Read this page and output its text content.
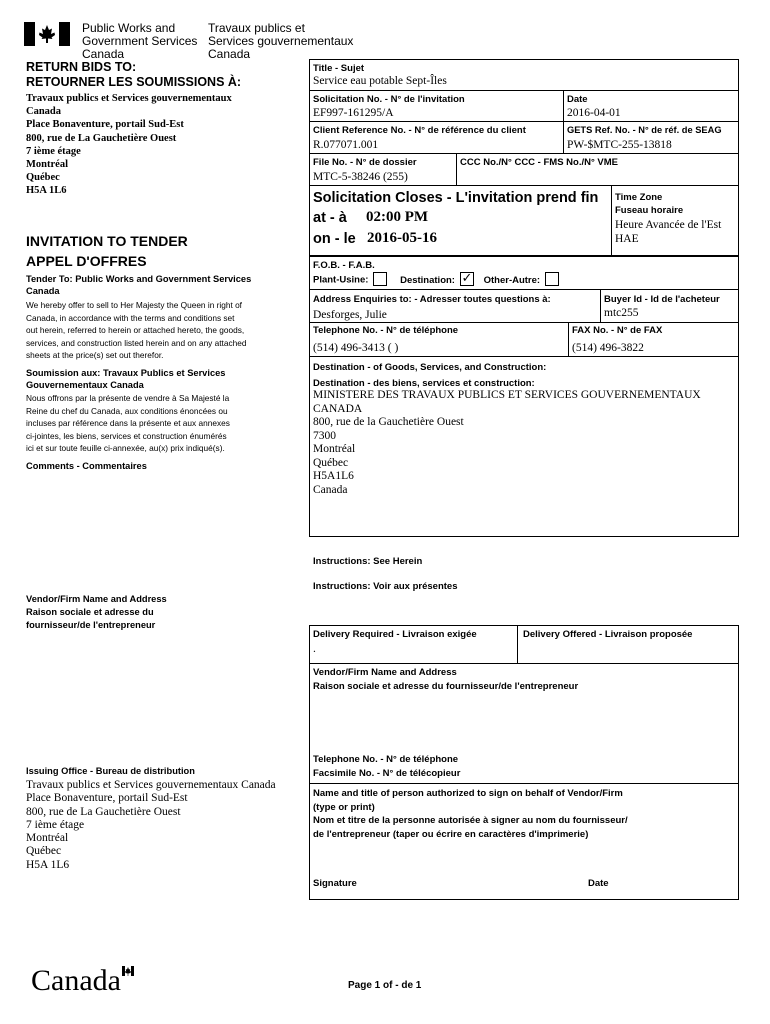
Public Works and
Government Services
Canada
Travaux publics et
Services gouvernementaux
Canada
RETURN BIDS TO:
RETOURNER LES SOUMISSIONS À:
Travaux publics et Services gouvernementaux
Canada
Place Bonaventure, portail Sud-Est
800, rue de La Gauchetière Ouest
7 ième étage
Montréal
Québec
H5A 1L6
INVITATION TO TENDER
APPEL D'OFFRES
Tender To: Public Works and Government Services
Canada
We hereby offer to sell to Her Majesty the Queen in right of
Canada, in accordance with the terms and conditions set
out herein, referred to herein or attached hereto, the goods,
services, and construction listed herein and on any attached
sheets at the price(s) set out therefor.
Soumission aux: Travaux Publics et Services
Gouvernementaux Canada
Nous offrons par la présente de vendre à Sa Majesté la
Reine du chef du Canada, aux conditions énoncées ou
incluses par référence dans la présente et aux annexes
ci-jointes, les biens, services et construction énumérés
ici et sur toute feuille ci-annexée, au(x) prix indiqué(s).
Comments - Commentaires
Vendor/Firm Name and Address
Raison sociale et adresse du
fournisseur/de l'entrepreneur
Issuing Office - Bureau de distribution
Travaux publics et Services gouvernementaux Canada
Place Bonaventure, portail Sud-Est
800, rue de La Gauchetière Ouest
7 ième étage
Montréal
Québec
H5A 1L6
Title - Sujet
Service eau potable Sept-Îles
Solicitation No. - N° de l'invitation
EF997-161295/A
Date
2016-04-01
Client Reference No. - N° de référence du client
R.077071.001
GETS Ref. No. - N° de réf. de SEAG
PW-$MTC-255-13818
File No. - N° de dossier
MTC-5-38246 (255)
CCC No./N° CCC - FMS No./N° VME
Solicitation Closes - L'invitation prend fin
at - à 02:00 PM
on - le 2016-05-16
Time Zone
Fuseau horaire
Heure Avancée de l'Est
HAE
F.O.B. - F.A.B.
Plant-Usine:	Destination: ✓ Other-Autre:
Address Enquiries to: - Adresser toutes questions à:
Desforges, Julie
Buyer Id - Id de l'acheteur
mtc255
Telephone No. - N° de téléphone
(514) 496-3413 ( )
FAX No. - N° de FAX
(514) 496-3822
Destination - of Goods, Services, and Construction:
Destination - des biens, services et construction:
MINISTERE DES TRAVAUX PUBLICS ET SERVICES GOUVERNEMENTAUX
CANADA
800, rue de la Gauchetière Ouest
7300
Montréal
Québec
H5A1L6
Canada
Instructions: See Herein
Instructions: Voir aux présentes
Delivery Required - Livraison exigée
.
Delivery Offered - Livraison proposée
Vendor/Firm Name and Address
Raison sociale et adresse du fournisseur/de l'entrepreneur
Telephone No. - N° de téléphone
Facsimile No. - N° de télécopieur
Name and title of person authorized to sign on behalf of Vendor/Firm
(type or print)
Nom et titre de la personne autorisée à signer au nom du fournisseur/
de l'entrepreneur (taper ou écrire en caractères d'imprimerie)
Signature	Date
Canada	Page 1 of - de 1
